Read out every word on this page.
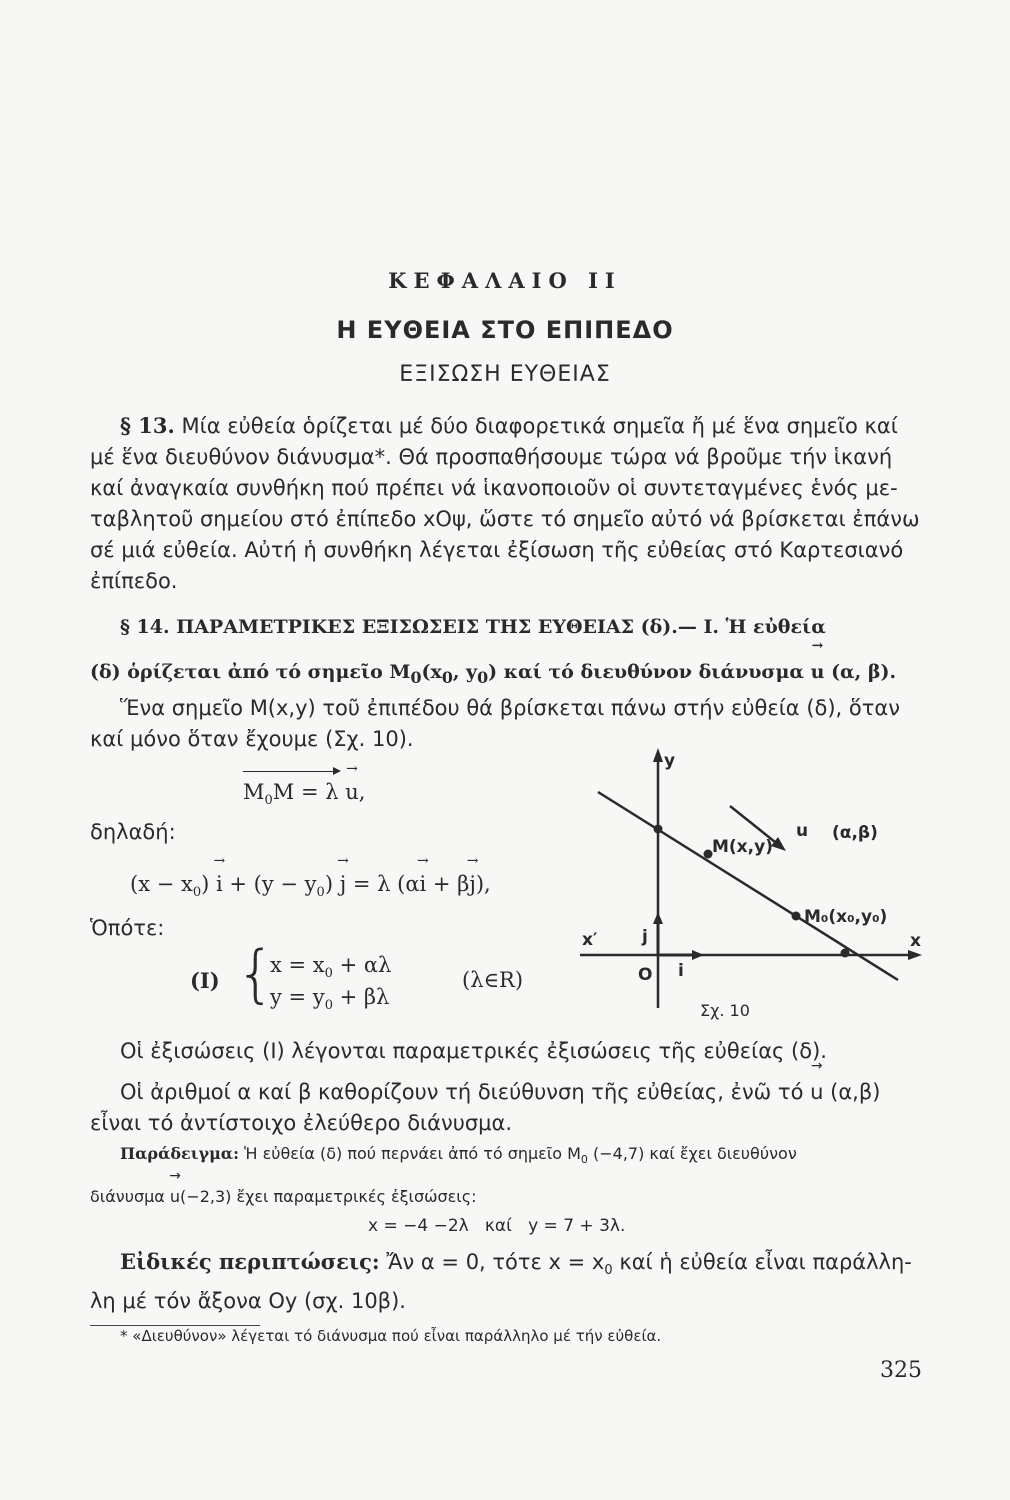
ΚΕΦΑΛΑΙΟ ΙΙ
Η ΕΥΘΕΙΑ ΣΤΟ ΕΠΙΠΕΔΟ
ΕΞΙΣΩΣΗ ΕΥΘΕΙΑΣ

§ 13. Μία εὐθεία ὁρίζεται μέ δύο διαφορετικά σημεῖα ἤ μέ ἕνα σημεῖο καί

μέ ἕνα διευθύνον διάνυσμα*. Θά προσπαθήσουμε τώρα νά βροῦμε τήν ἱκανή

καί ἀναγκαία συνθήκη πού πρέπει νά ἱκανοποιοῦν οἱ συντεταγμένες ἑνός με-

ταβλητοῦ σημείου στό ἐπίπεδο xΟψ, ὥστε τό σημεῖο αὐτό νά βρίσκεται ἐπάνω

σέ μιά εὐθεία. Αὐτή ἡ συνθήκη λέγεται ἐξίσωση τῆς εὐθείας στό Καρτεσιανό

ἐπίπεδο.

§ 14. ΠΑΡΑΜΕΤΡΙΚΕΣ ΕΞΙΣΩΣΕΙΣ ΤΗΣ ΕΥΘΕΙΑΣ (δ).— Ι. Ἡ εὐθεία

(δ) ὁρίζεται ἀπό τό σημεῖο $M_0(x_0$, $y_0$) καί τό διευθύνον διάνυσμα → u (α, β).

Ἕνα σημεῖο M(x,y) τοῦ ἐπιπέδου θά βρίσκεται πάνω στήν εὐθεία (δ), ὅταν

καί μόνο ὅταν ἔχουμε (Σχ. 10).

$M_0M = \lambda \to u$,
δηλαδή:
$(x - x_0) \to i + (y - y_0) \to j = \lambda$ (α→ i + β→ j),
Ὁπότε:
(Ι) {
$x = x_0 + \alpha\lambda$
$y = y_0 + \beta\lambda$
(λ∈R)
y
x
x′
O i
j
u (α,β)
M(x,y)
M₀(x₀,y₀)
Σχ. 10

Οἱ ἐξισώσεις (Ι) λέγονται παραμετρικές ἐξισώσεις τῆς εὐθείας (δ).

Οἱ ἀριθμοί α καί β καθορίζουν τή διεύθυνση τῆς εὐθείας, ἐνῶ τό → u (α,β)

εἶναι τό ἀντίστοιχο ἐλεύθερο διάνυσμα.

Παράδειγμα: Ἡ εὐθεία (δ) πού περνάει ἀπό τό σημεῖο $M_0$ (−4,7) καί ἔχει διευθύνον
διάνυσμα → u(−2,3) ἔχει παραμετρικές ἐξισώσεις:
x = −4 −2λ   καί   y = 7 + 3λ.

Εἰδικές περιπτώσεις: Ἄν α = 0, τότε $x = x_0$ καί ἡ εὐθεία εἶναι παράλλη-

λη μέ τόν ἄξονα Oy (σχ. 10β).

* «Διευθύνον» λέγεται τό διάνυσμα πού εἶναι παράλληλο μέ τήν εὐθεία.
325
